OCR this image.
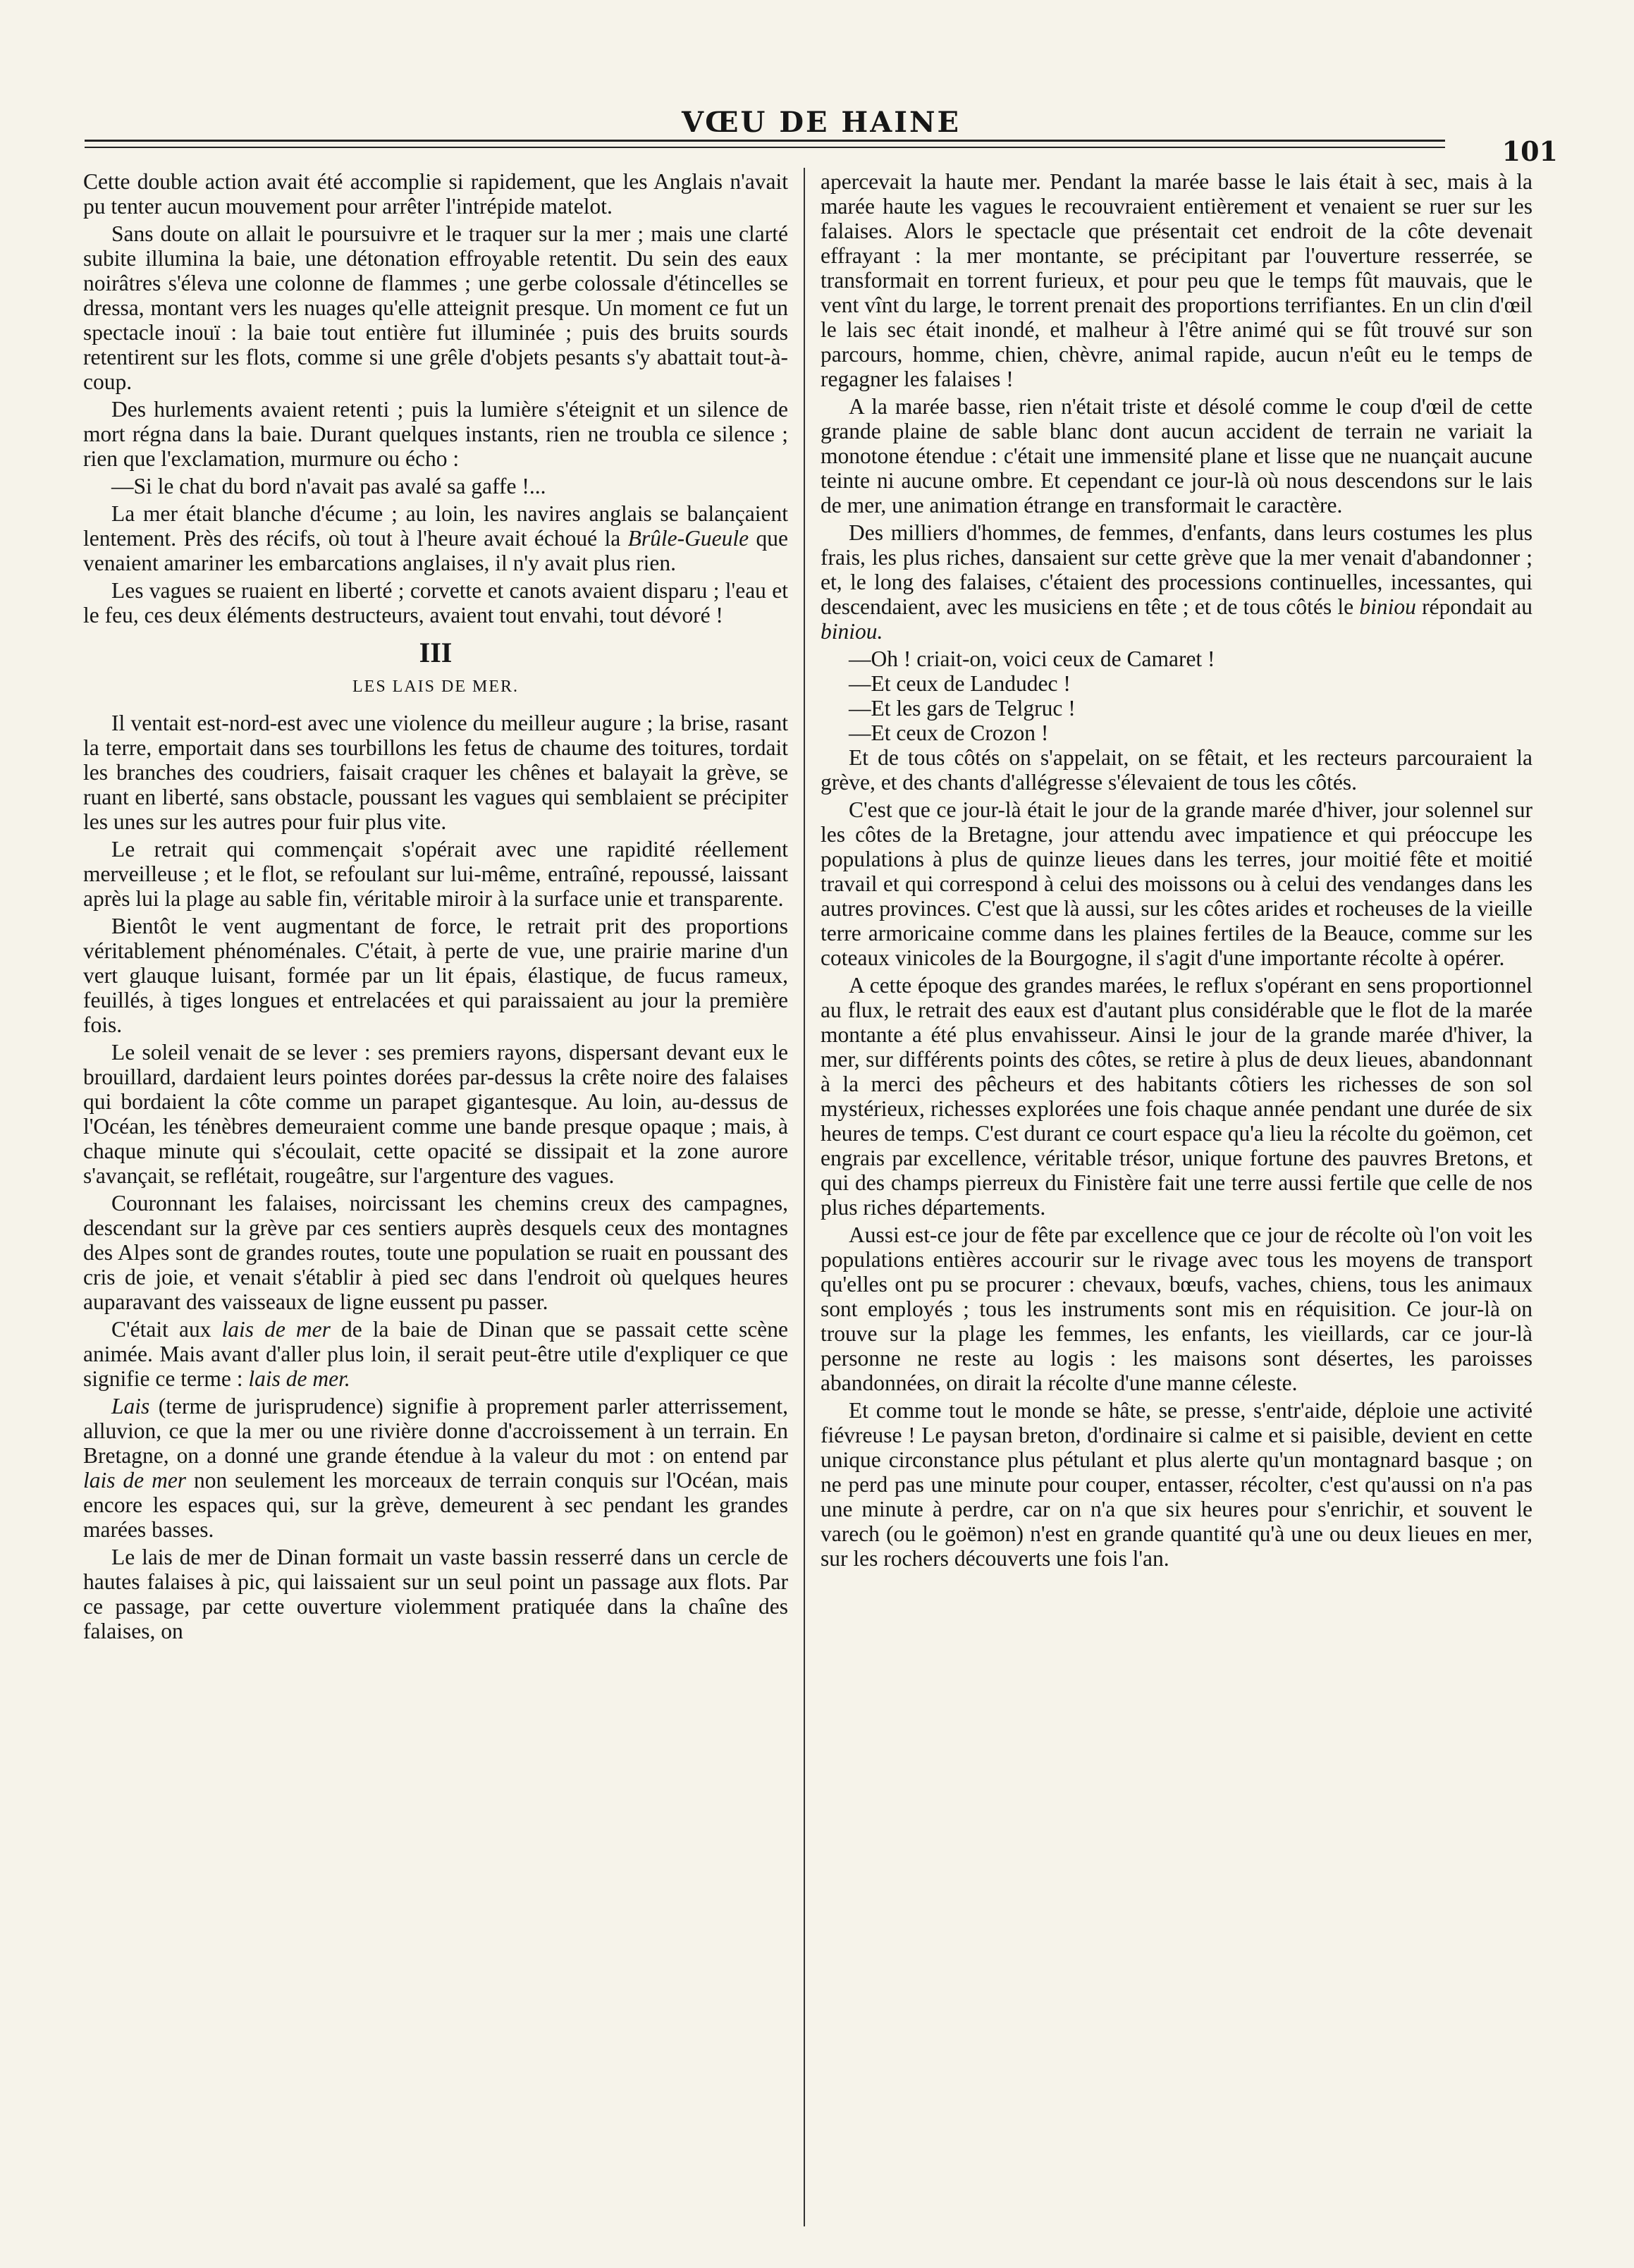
VŒU DE HAINE
101

Cette double action avait été accomplie si rapidement, que les Anglais n'avait pu tenter aucun mouvement pour arrêter l'intrépide matelot.

Sans doute on allait le poursuivre et le traquer sur la mer ; mais une clarté subite illumina la baie, une détonation effroyable retentit. Du sein des eaux noirâtres s'éleva une colonne de flammes ; une gerbe colossale d'étincelles se dressa, montant vers les nuages qu'elle atteignit presque. Un moment ce fut un spectacle inouï : la baie tout entière fut illuminée ; puis des bruits sourds retentirent sur les flots, comme si une grêle d'objets pesants s'y abattait tout-à-coup.

Des hurlements avaient retenti ; puis la lumière s'éteignit et un silence de mort régna dans la baie. Durant quelques instants, rien ne troubla ce silence ; rien que l'exclamation, murmure ou écho :

—Si le chat du bord n'avait pas avalé sa gaffe !...

La mer était blanche d'écume ; au loin, les navires anglais se balançaient lentement. Près des récifs, où tout à l'heure avait échoué la Brûle-Gueule que venaient amariner les embarcations anglaises, il n'y avait plus rien.

Les vagues se ruaient en liberté ; corvette et canots avaient disparu ; l'eau et le feu, ces deux éléments destructeurs, avaient tout envahi, tout dévoré !

III
LES LAIS DE MER.

Il ventait est-nord-est avec une violence du meilleur augure ; la brise, rasant la terre, emportait dans ses tourbillons les fetus de chaume des toitures, tordait les branches des coudriers, faisait craquer les chênes et balayait la grève, se ruant en liberté, sans obstacle, poussant les vagues qui semblaient se précipiter les unes sur les autres pour fuir plus vite.

Le retrait qui commençait s'opérait avec une rapidité réellement merveilleuse ; et le flot, se refoulant sur lui-même, entraîné, repoussé, laissant après lui la plage au sable fin, véritable miroir à la surface unie et transparente.

Bientôt le vent augmentant de force, le retrait prit des proportions véritablement phénoménales. C'était, à perte de vue, une prairie marine d'un vert glauque luisant, formée par un lit épais, élastique, de fucus rameux, feuillés, à tiges longues et entrelacées et qui paraissaient au jour la première fois.

Le soleil venait de se lever : ses premiers rayons, dispersant devant eux le brouillard, dardaient leurs pointes dorées par-dessus la crête noire des falaises qui bordaient la côte comme un parapet gigantesque. Au loin, au-dessus de l'Océan, les ténèbres demeuraient comme une bande presque opaque ; mais, à chaque minute qui s'écoulait, cette opacité se dissipait et la zone aurore s'avançait, se reflétait, rougeâtre, sur l'argenture des vagues.

Couronnant les falaises, noircissant les chemins creux des campagnes, descendant sur la grève par ces sentiers auprès desquels ceux des montagnes des Alpes sont de grandes routes, toute une population se ruait en poussant des cris de joie, et venait s'établir à pied sec dans l'endroit où quelques heures auparavant des vaisseaux de ligne eussent pu passer.

C'était aux lais de mer de la baie de Dinan que se passait cette scène animée. Mais avant d'aller plus loin, il serait peut-être utile d'expliquer ce que signifie ce terme : lais de mer.

Lais (terme de jurisprudence) signifie à proprement parler atterrissement, alluvion, ce que la mer ou une rivière donne d'accroissement à un terrain. En Bretagne, on a donné une grande étendue à la valeur du mot : on entend par lais de mer non seulement les morceaux de terrain conquis sur l'Océan, mais encore les espaces qui, sur la grève, demeurent à sec pendant les grandes marées basses.

Le lais de mer de Dinan formait un vaste bassin resserré dans un cercle de hautes falaises à pic, qui laissaient sur un seul point un passage aux flots. Par ce passage, par cette ouverture violemment pratiquée dans la chaîne des falaises, on

apercevait la haute mer. Pendant la marée basse le lais était à sec, mais à la marée haute les vagues le recouvraient entièrement et venaient se ruer sur les falaises. Alors le spectacle que présentait cet endroit de la côte devenait effrayant : la mer montante, se précipitant par l'ouverture resserrée, se transformait en torrent furieux, et pour peu que le temps fût mauvais, que le vent vînt du large, le torrent prenait des proportions terrifiantes. En un clin d'œil le lais sec était inondé, et malheur à l'être animé qui se fût trouvé sur son parcours, homme, chien, chèvre, animal rapide, aucun n'eût eu le temps de regagner les falaises !

A la marée basse, rien n'était triste et désolé comme le coup d'œil de cette grande plaine de sable blanc dont aucun accident de terrain ne variait la monotone étendue : c'était une immensité plane et lisse que ne nuançait aucune teinte ni aucune ombre. Et cependant ce jour-là où nous descendons sur le lais de mer, une animation étrange en transformait le caractère.

Des milliers d'hommes, de femmes, d'enfants, dans leurs costumes les plus frais, les plus riches, dansaient sur cette grève que la mer venait d'abandonner ; et, le long des falaises, c'étaient des processions continuelles, incessantes, qui descendaient, avec les musiciens en tête ; et de tous côtés le biniou répondait au biniou.

—Oh ! criait-on, voici ceux de Camaret !

—Et ceux de Landudec !

—Et les gars de Telgruc !

—Et ceux de Crozon !

Et de tous côtés on s'appelait, on se fêtait, et les recteurs parcouraient la grève, et des chants d'allégresse s'élevaient de tous les côtés.

C'est que ce jour-là était le jour de la grande marée d'hiver, jour solennel sur les côtes de la Bretagne, jour attendu avec impatience et qui préoccupe les populations à plus de quinze lieues dans les terres, jour moitié fête et moitié travail et qui correspond à celui des moissons ou à celui des vendanges dans les autres provinces. C'est que là aussi, sur les côtes arides et rocheuses de la vieille terre armoricaine comme dans les plaines fertiles de la Beauce, comme sur les coteaux vinicoles de la Bourgogne, il s'agit d'une importante récolte à opérer.

A cette époque des grandes marées, le reflux s'opérant en sens proportionnel au flux, le retrait des eaux est d'autant plus considérable que le flot de la marée montante a été plus envahisseur. Ainsi le jour de la grande marée d'hiver, la mer, sur différents points des côtes, se retire à plus de deux lieues, abandonnant à la merci des pêcheurs et des habitants côtiers les richesses de son sol mystérieux, richesses explorées une fois chaque année pendant une durée de six heures de temps. C'est durant ce court espace qu'a lieu la récolte du goëmon, cet engrais par excellence, véritable trésor, unique fortune des pauvres Bretons, et qui des champs pierreux du Finistère fait une terre aussi fertile que celle de nos plus riches départements.

Aussi est-ce jour de fête par excellence que ce jour de récolte où l'on voit les populations entières accourir sur le rivage avec tous les moyens de transport qu'elles ont pu se procurer : chevaux, bœufs, vaches, chiens, tous les animaux sont employés ; tous les instruments sont mis en réquisition. Ce jour-là on trouve sur la plage les femmes, les enfants, les vieillards, car ce jour-là personne ne reste au logis : les maisons sont désertes, les paroisses abandonnées, on dirait la récolte d'une manne céleste.

Et comme tout le monde se hâte, se presse, s'entr'aide, déploie une activité fiévreuse ! Le paysan breton, d'ordinaire si calme et si paisible, devient en cette unique circonstance plus pétulant et plus alerte qu'un montagnard basque ; on ne perd pas une minute pour couper, entasser, récolter, c'est qu'aussi on n'a pas une minute à perdre, car on n'a que six heures pour s'enrichir, et souvent le varech (ou le goëmon) n'est en grande quantité qu'à une ou deux lieues en mer, sur les rochers découverts une fois l'an.
